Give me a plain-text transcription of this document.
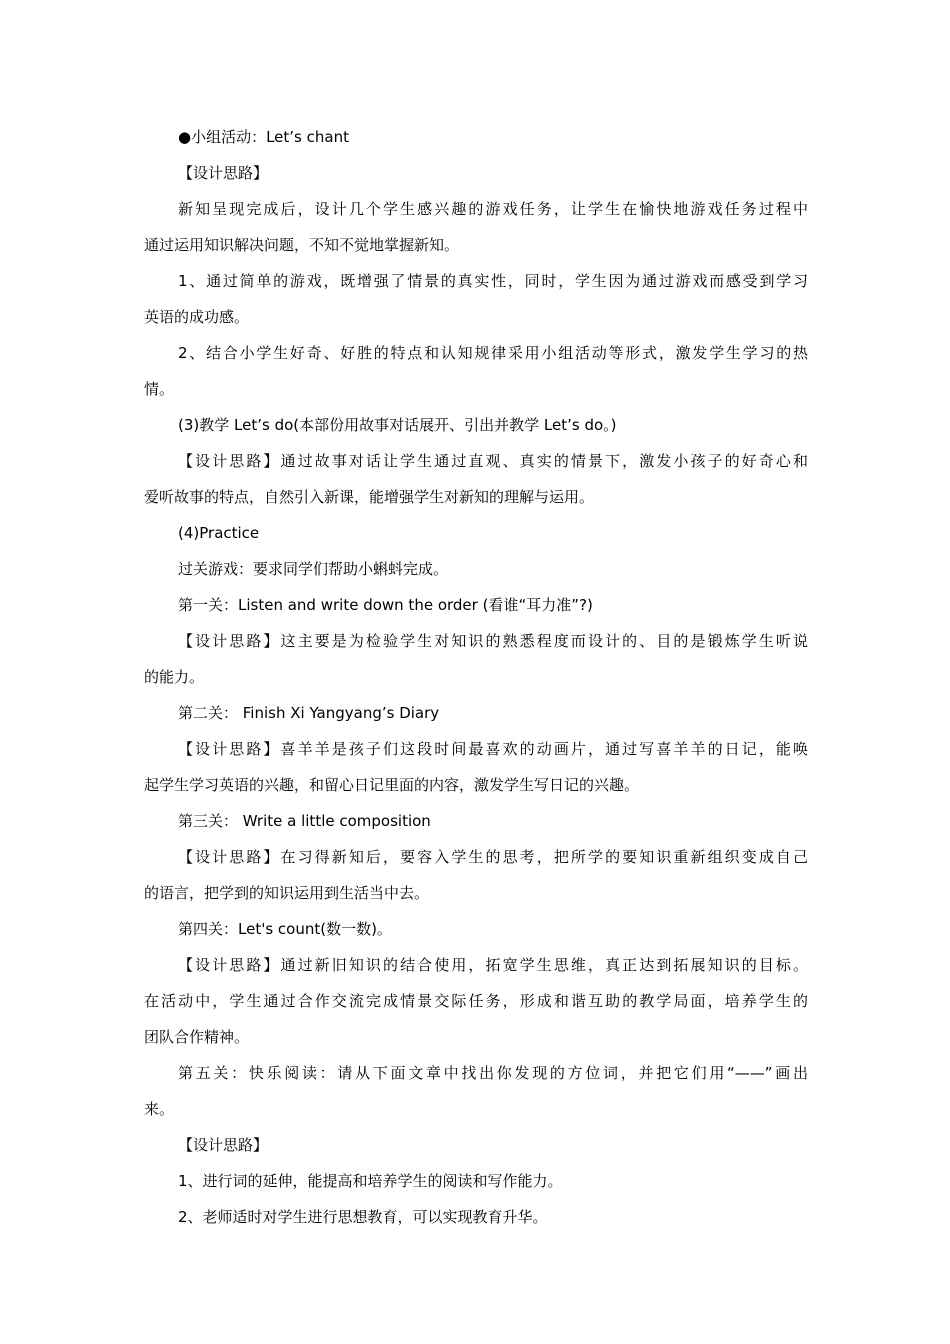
●小组活动：Let’s chant

【设计思路】

新知呈现完成后，设计几个学生感兴趣的游戏任务，让学生在愉快地游戏任务过程中

通过运用知识解决问题，不知不觉地掌握新知。

1、通过简单的游戏，既增强了情景的真实性，同时，学生因为通过游戏而感受到学习

英语的成功感。

2、结合小学生好奇、好胜的特点和认知规律采用小组活动等形式，激发学生学习的热

情。

(3)教学 Let’s do(本部份用故事对话展开、引出并教学 Let’s do。)

【设计思路】通过故事对话让学生通过直观、真实的情景下，激发小孩子的好奇心和

爱听故事的特点，自然引入新课，能增强学生对新知的理解与运用。

(4)Practice

过关游戏：要求同学们帮助小蝌蚪完成。

第一关：Listen and write down the order (看谁“耳力准”?)

【设计思路】这主要是为检验学生对知识的熟悉程度而设计的、目的是锻炼学生听说

的能力。

第二关： Finish Xi Yangyang’s Diary

【设计思路】喜羊羊是孩子们这段时间最喜欢的动画片，通过写喜羊羊的日记，能唤

起学生学习英语的兴趣，和留心日记里面的内容，激发学生写日记的兴趣。

第三关： Write a little composition

【设计思路】在习得新知后，要容入学生的思考，把所学的要知识重新组织变成自己

的语言，把学到的知识运用到生活当中去。

第四关：Let's count(数一数)。

【设计思路】通过新旧知识的结合使用，拓宽学生思维，真正达到拓展知识的目标。

在活动中，学生通过合作交流完成情景交际任务，形成和谐互助的教学局面，培养学生的

团队合作精神。

第五关：快乐阅读：请从下面文章中找出你发现的方位词，并把它们用“——”画出

来。

【设计思路】

1、进行词的延伸，能提高和培养学生的阅读和写作能力。

2、老师适时对学生进行思想教育，可以实现教育升华。
